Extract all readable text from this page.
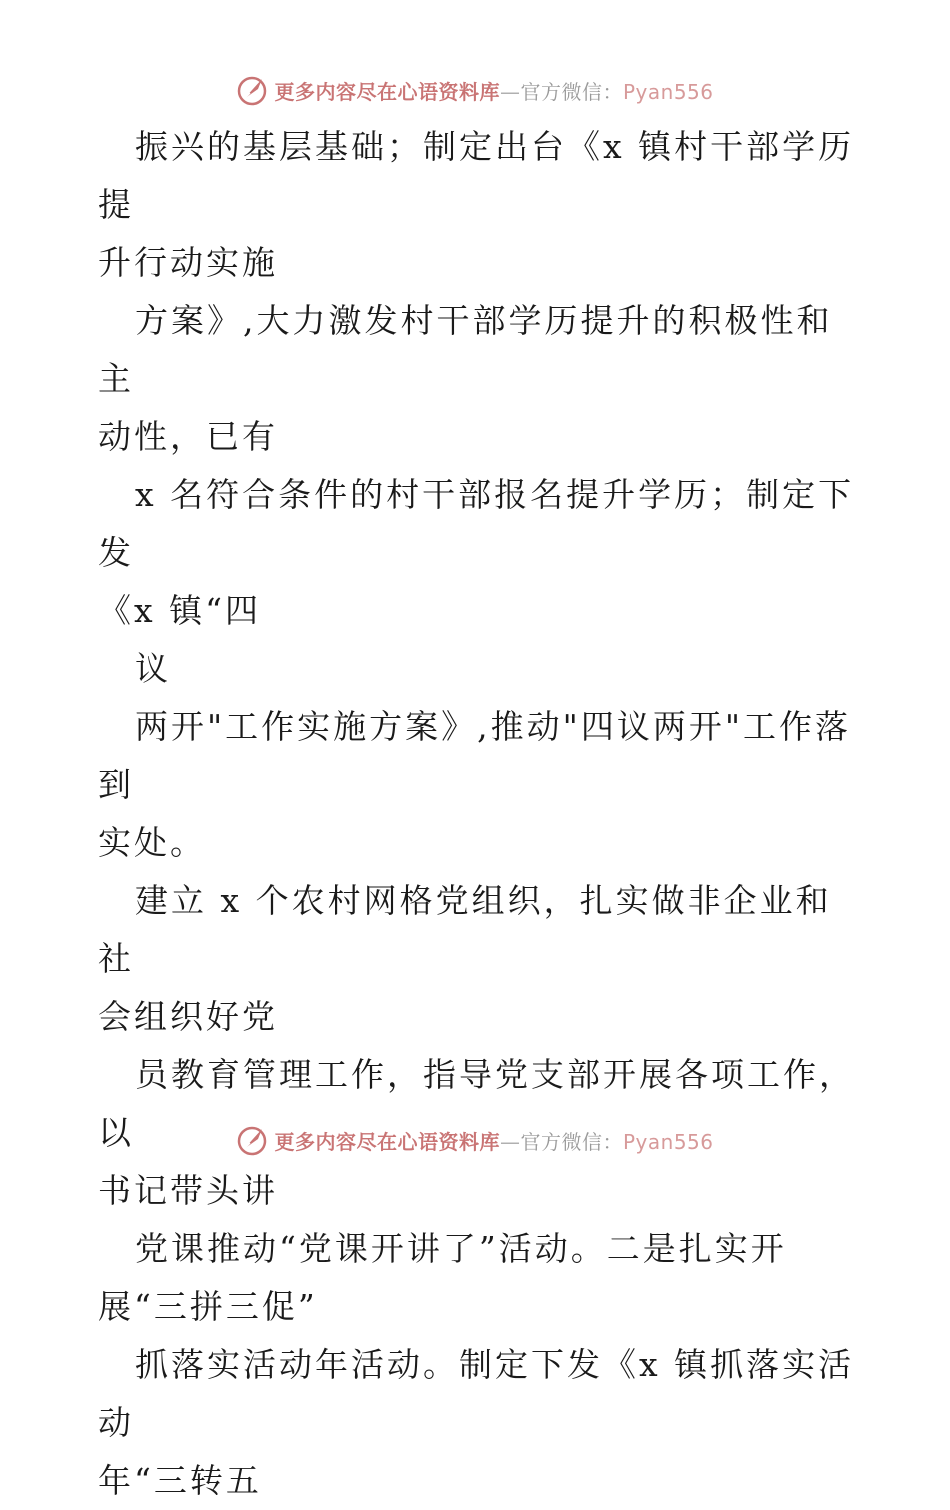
更多内容尽在心语资料库—官方微信：Pyan556

振兴的基层基础；制定出台《x 镇村干部学历提
升行动实施

方案》,大力激发村干部学历提升的积极性和主
动性，已有

x 名符合条件的村干部报名提升学历；制定下发
《x 镇“四

议

两开"工作实施方案》,推动"四议两开"工作落到
实处。

建立 x 个农村网格党组织，扎实做非企业和社
会组织好党

员教育管理工作，指导党支部开展各项工作，以
书记带头讲

党课推动“党课开讲了”活动。二是扎实开
展“三拼三促”

抓落实活动年活动。制定下发《x 镇抓落实活动
年“三转五

更多内容尽在心语资料库—官方微信：Pyan556
